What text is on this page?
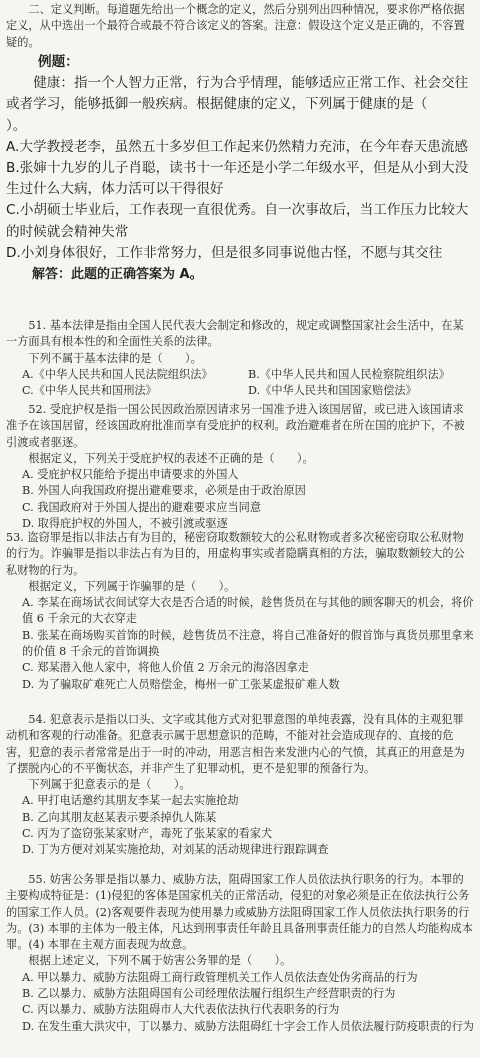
二、定义判断。每道题先给出一个概念的定义，然后分别列出四种情况，要求你严格依据定义，从中选出一个最符合或最不符合该定义的答案。注意：假设这个定义是正确的，不容置疑的。

例题：

健康：指一个人智力正常，行为合乎情理，能够适应正常工作、社会交往或者学习，能够抵御一般疾病。根据健康的定义，下列属于健康的是（　　）。

A.大学教授老李，虽然五十多岁但工作起来仍然精力充沛，在今年春天患流感

B.张婶十九岁的儿子肖聪，读书十一年还是小学二年级水平，但是从小到大没生过什么大病，体力活可以干得很好

C.小胡硕士毕业后，工作表现一直很优秀。自一次事故后，当工作压力比较大的时候就会精神失常

D.小刘身体很好，工作非常努力，但是很多同事说他古怪，不愿与其交往

解答：此题的正确答案为 A。

51. 基本法律是指由全国人民代表大会制定和修改的，规定或调整国家社会生活中，在某一方面具有根本性的和全面性关系的法律。

下列不属于基本法律的是（　　）。

A.《中华人民共和国人民法院组织法》	B.《中华人民共和国人民检察院组织法》
C.《中华人民共和国刑法》	D.《中华人民共和国国家赔偿法》

52. 受庇护权是指一国公民因政治原因请求另一国准予进入该国居留，或已进入该国请求准予在该国居留，经该国政府批准而享有受庇护的权利。政治避难者在所在国的庇护下，不被引渡或者驱逐。

根据定义，下列关于受庇护权的表述不正确的是（　　）。

A. 受庇护权只能给予提出申请要求的外国人

B. 外国人向我国政府提出避难要求，必须是由于政治原因

C. 我国政府对于外国人提出的避难要求应当同意

D. 取得庇护权的外国人，不被引渡或驱逐

53. 盗窃罪是指以非法占有为目的，秘密窃取数额较大的公私财物或者多次秘密窃取公私财物的行为。诈骗罪是指以非法占有为目的，用虚构事实或者隐瞒真相的方法，骗取数额较大的公私财物的行为。

根据定义，下列属于诈骗罪的是（　　）。

A. 李某在商场试衣间试穿大衣是否合适的时候，趁售货员在与其他的顾客聊天的机会，将价值 6 千余元的大衣穿走

B. 张某在商场购买首饰的时候，趁售货员不注意，将自己准备好的假首饰与真货员那里拿来的价值 8 千余元的首饰调换

C. 郑某潜入他人家中，将他人价值 2 万余元的海洛因拿走

D. 为了骗取矿难死亡人员赔偿金，梅州一矿工张某虚报矿难人数

54. 犯意表示是指以口头、文字或其他方式对犯罪意图的单纯表露，没有具体的主观犯罪动机和客观的行动准备。犯意表示属于思想意识的范畴，不能对社会造成现存的、直接的危害，犯意的表示者常常是出于一时的冲动，用恶言相告来发泄内心的气愤，其真正的用意是为了摆脱内心的不平衡状态，并非产生了犯罪动机，更不是犯罪的预备行为。

下列属于犯意表示的是（　　）。

A. 甲打电话邀约其朋友李某一起去实施抢劫

B. 乙向其朋友赵某表示要杀掉仇人陈某

C. 丙为了盗窃张某家财产，毒死了张某家的看家犬

D. 丁为方便对刘某实施抢劫，对刘某的活动规律进行跟踪调查

55. 妨害公务罪是指以暴力、威胁方法，阻碍国家工作人员依法执行职务的行为。本罪的主要构成特征是：(1)侵犯的客体是国家机关的正常活动，侵犯的对象必须是正在依法执行公务的国家工作人员。(2)客观要件表现为使用暴力或威胁方法阻碍国家工作人员依法执行职务的行为。(3) 本罪的主体为一般主体，凡达到刑事责任年龄且具备刑事责任能力的自然人均能构成本罪。(4) 本罪在主观方面表现为故意。

根据上述定义，下列不属于妨害公务罪的是（　　）。

A. 甲以暴力、威胁方法阻碍工商行政管理机关工作人员依法查处伪劣商品的行为

B. 乙以暴力、威胁方法阻碍国有公司经理依法履行组织生产经营职责的行为

C. 丙以暴力、威胁方法阻碍市人大代表依法执行代表职务的行为

D. 在发生重大洪灾中，丁以暴力、威胁方法阻碍红十字会工作人员依法履行防疫职责的行为
